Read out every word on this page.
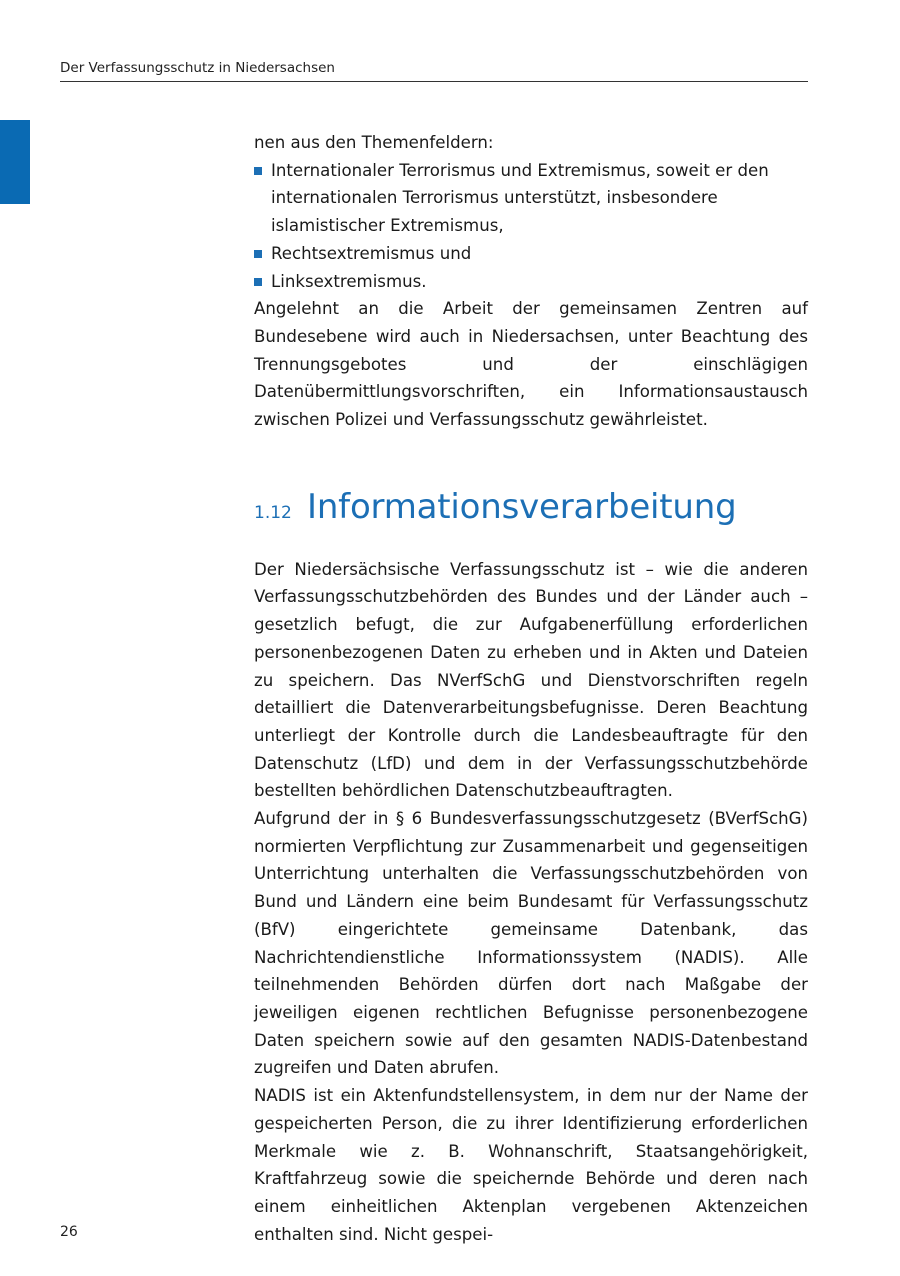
Der Verfassungsschutz in Niedersachsen

nen aus den Themenfeldern:

Internationaler Terrorismus und Extremismus, soweit er den internationalen Terrorismus unterstützt, insbesondere islamistischer Extremismus,
Rechtsextremismus und
Linksextremismus.

Angelehnt an die Arbeit der gemeinsamen Zentren auf Bundesebene wird auch in Niedersachsen, unter Beachtung des Trennungsgebotes und der einschlägigen Datenübermittlungsvorschriften, ein Informationsaustausch zwischen Polizei und Verfassungsschutz gewährleistet.

1.12 Informationsverarbeitung

Der Niedersächsische Verfassungsschutz ist – wie die anderen Verfassungsschutzbehörden des Bundes und der Länder auch – gesetzlich befugt, die zur Aufgabenerfüllung erforderlichen personenbezogenen Daten zu erheben und in Akten und Dateien zu speichern. Das NVerfSchG und Dienstvorschriften regeln detailliert die Datenverarbeitungsbefugnisse. Deren Beachtung unterliegt der Kontrolle durch die Landesbeauftragte für den Datenschutz (LfD) und dem in der Verfassungsschutzbehörde bestellten behördlichen Datenschutzbeauftragten.

Aufgrund der in § 6 Bundesverfassungsschutzgesetz (BVerfSchG) normierten Verpflichtung zur Zusammenarbeit und gegenseitigen Unterrichtung unterhalten die Verfassungsschutzbehörden von Bund und Ländern eine beim Bundesamt für Verfassungsschutz (BfV) eingerichtete gemeinsame Datenbank, das Nachrichtendienstliche Informationssystem (NADIS). Alle teilnehmenden Behörden dürfen dort nach Maßgabe der jeweiligen eigenen rechtlichen Befugnisse personenbezogene Daten speichern sowie auf den gesamten NADIS-Datenbestand zugreifen und Daten abrufen.

NADIS ist ein Aktenfundstellensystem, in dem nur der Name der gespeicherten Person, die zu ihrer Identifizierung erforderlichen Merkmale wie z. B. Wohnanschrift, Staatsangehörigkeit, Kraftfahrzeug sowie die speichernde Behörde und deren nach einem einheitlichen Aktenplan vergebenen Aktenzeichen enthalten sind. Nicht gespei-

26
